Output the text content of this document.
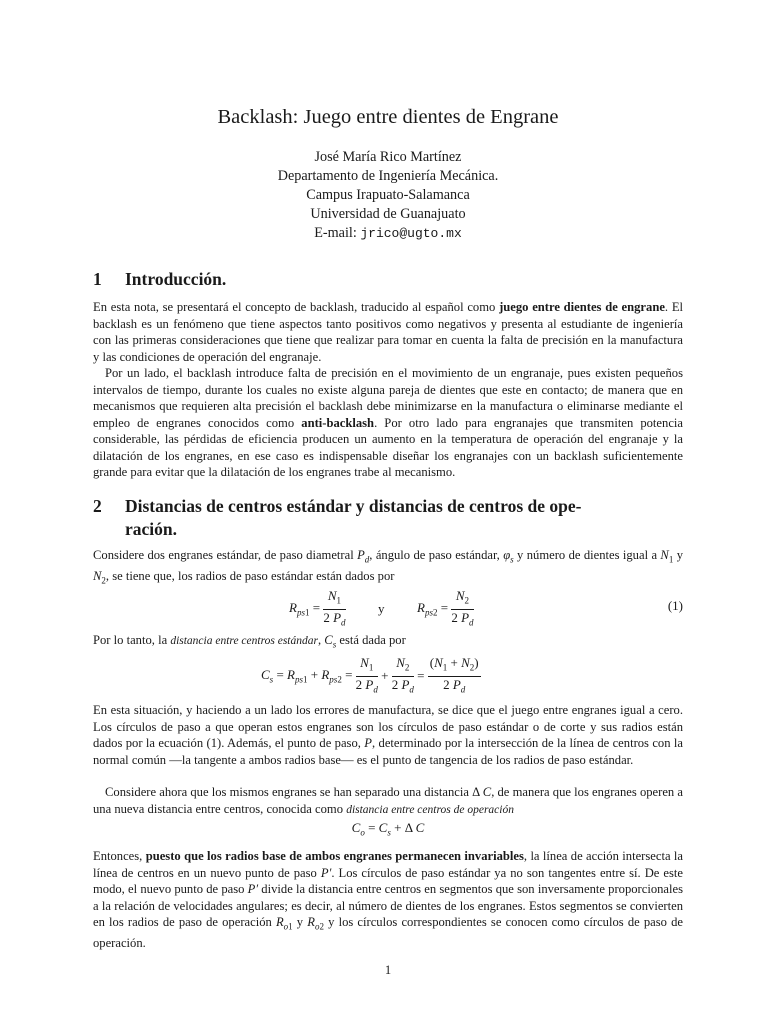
Backlash: Juego entre dientes de Engrane
José María Rico Martínez
Departamento de Ingeniería Mecánica.
Campus Irapuato-Salamanca
Universidad de Guanajuato
E-mail: jrico@ugto.mx
1 Introducción.

En esta nota, se presentará el concepto de backlash, traducido al español como juego entre dientes de engrane. El backlash es un fenómeno que tiene aspectos tanto positivos como negativos y presenta al estudiante de ingeniería con las primeras consideraciones que tiene que realizar para tomar en cuenta la falta de precisión en la manufactura y las condiciones de operación del engranaje.

Por un lado, el backlash introduce falta de precisión en el movimiento de un engranaje, pues existen pequeños intervalos de tiempo, durante los cuales no existe alguna pareja de dientes que este en contacto; de manera que en mecanismos que requieren alta precisión el backlash debe minimizarse en la manufactura o eliminarse mediante el empleo de engranes conocidos como anti-backlash. Por otro lado para engranajes que transmiten potencia considerable, las pérdidas de eficiencia producen un aumento en la temperatura de operación del engranaje y la dilatación de los engranes, en ese caso es indispensable diseñar los engranajes con un backlash suficientemente grande para evitar que la dilatación de los engranes trabe al mecanismo.

2 Distancias de centros estándar y distancias de centros de ope-
ración.

Considere dos engranes estándar, de paso diametral $P_d$, ángulo de paso estándar, $\varphi_s$ y número de dientes igual a $N_1$ y $N_2$, se tiene que, los radios de paso estándar están dados por

$R_{ps1} = \frac{N_1}{2 P_d}$	y	$R_{ps2} = \frac{N_2}{2 P_d}$	(1)

Por lo tanto, la distancia entre centros estándar, $C_s$ está dada por

$C_s = R_{ps1} + R_{ps2} = \frac{N_1}{2 P_d} + \frac{N_2}{2 P_d} = \frac{(N_1 + N_2)}{2 P_d}$

En esta situación, y haciendo a un lado los errores de manufactura, se dice que el juego entre engranes igual a cero. Los círculos de paso a que operan estos engranes son los círculos de paso estándar o de corte y sus radios están dados por la ecuación (1). Además, el punto de paso, P, determinado por la intersección de la línea de centros con la normal común —la tangente a ambos radios base— es el punto de tangencia de los radios de paso estándar.

Considere ahora que los mismos engranes se han separado una distancia Δ C, de manera que los engranes operen a una nueva distancia entre centros, conocida como distancia entre centros de operación

$C_o = C_s + \Delta$ C

Entonces, puesto que los radios base de ambos engranes permanecen invariables, la línea de acción intersecta la línea de centros en un nuevo punto de paso P′. Los círculos de paso estándar ya no son tangentes entre sí. De este modo, el nuevo punto de paso P′ divide la distancia entre centros en segmentos que son inversamente proporcionales a la relación de velocidades angulares; es decir, al número de dientes de los engranes. Estos segmentos se convierten en los radios de paso de operación $R_{o1}$ y $R_{o2}$ y los círculos correspondientes se conocen como círculos de paso de operación.

1
